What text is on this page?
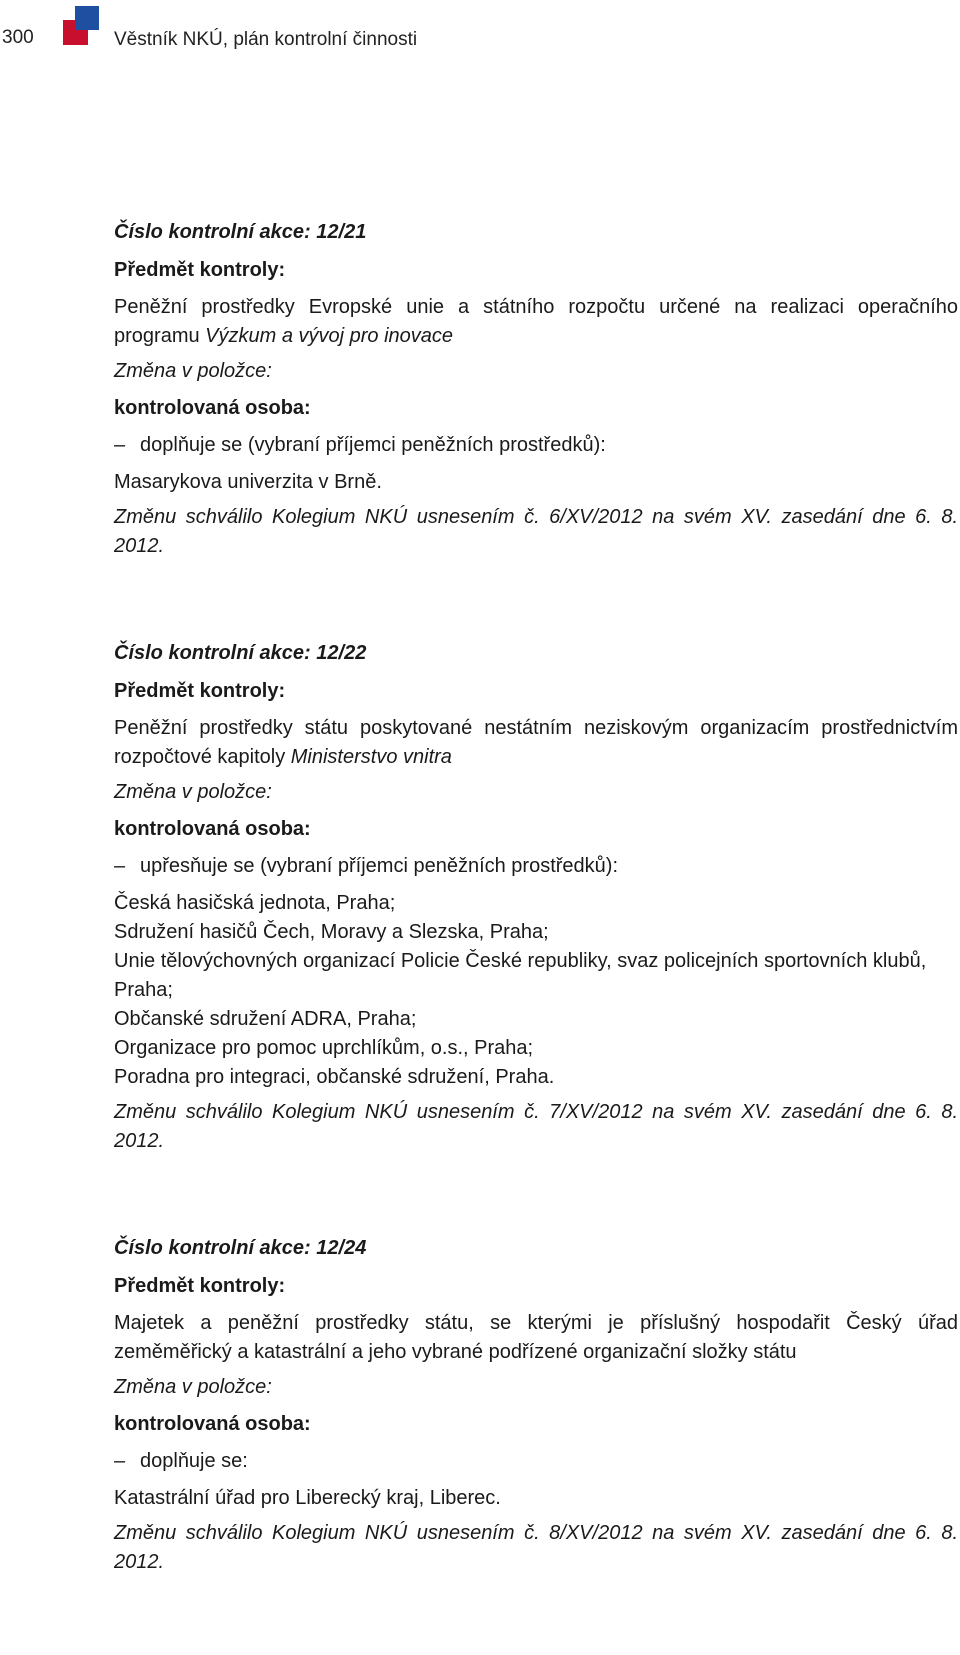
300	Věstník NKÚ, plán kontrolní činnosti

Číslo kontrolní akce: 12/21

Předmět kontroly:

Peněžní prostředky Evropské unie a státního rozpočtu určené na realizaci operačního programu Výzkum a vývoj pro inovace

Změna v položce:

kontrolovaná osoba:

– doplňuje se (vybraní příjemci peněžních prostředků):

Masarykova univerzita v Brně.

Změnu schválilo Kolegium NKÚ usnesením č. 6/XV/2012 na svém XV. zasedání dne 6. 8. 2012.

Číslo kontrolní akce: 12/22

Předmět kontroly:

Peněžní prostředky státu poskytované nestátním neziskovým organizacím prostřednictvím rozpočtové kapitoly Ministerstvo vnitra

Změna v položce:

kontrolovaná osoba:

– upřesňuje se (vybraní příjemci peněžních prostředků):

Česká hasičská jednota, Praha;
Sdružení hasičů Čech, Moravy a Slezska, Praha;
Unie tělovýchovných organizací Policie České republiky, svaz policejních sportovních klubů, Praha;
Občanské sdružení ADRA, Praha;
Organizace pro pomoc uprchlíkům, o.s., Praha;
Poradna pro integraci, občanské sdružení, Praha.

Změnu schválilo Kolegium NKÚ usnesením č. 7/XV/2012 na svém XV. zasedání dne 6. 8. 2012.

Číslo kontrolní akce: 12/24

Předmět kontroly:

Majetek a peněžní prostředky státu, se kterými je příslušný hospodařit Český úřad zeměměřický a katastrální a jeho vybrané podřízené organizační složky státu

Změna v položce:

kontrolovaná osoba:

– doplňuje se:

Katastrální úřad pro Liberecký kraj, Liberec.

Změnu schválilo Kolegium NKÚ usnesením č. 8/XV/2012 na svém XV. zasedání dne 6. 8. 2012.
